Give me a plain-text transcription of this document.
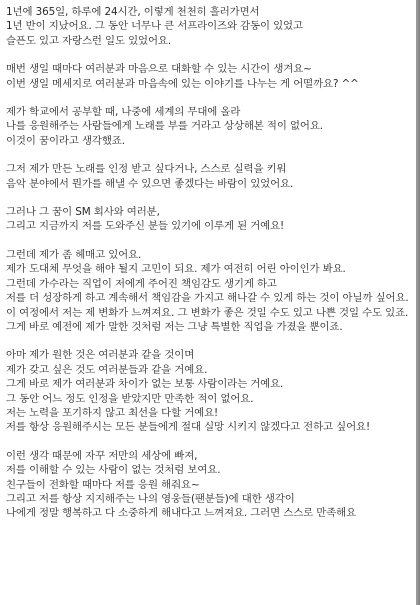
1년에 365일, 하루에 24시간, 이렇게 천천히 흘러가면서
1년 반이 지났어요. 그 동안 너무나 큰 서프라이즈와 감동이 있었고
슬픈도 있고 자랑스런 일도 있었어요.
매번 생일 때마다 여러분과 마음으로 대화할 수 있는 시간이 생겨요~
이번 생일 메세지로 여러분과 마음속에 있는 이야기를 나누는 게 어떨까요? ^^
제가 학교에서 공부할 때, 나중에 세계의 무대에 올라
나를 응원해주는 사람들에게 노래를 부를 거라고 상상해본 적이 없어요.
이것이 꿈이라고 생각했죠.
그저 제가 만든 노래를 인정 받고 싶다거나, 스스로 실력을 키워
음악 분야에서 뭔가를 해낼 수 있으면 좋겠다는 바람이 있었어요.
그러나 그 꿈이 SM 회사와 여러분,
그리고 지금까지 저를 도와주신 분들 있기에 이루게 된 거예요!
그런데 제가 좀 헤매고 있어요.
제가 도대체 무엇을 해야 될지 고민이 되요. 제가 여전히 어린 아이인가 봐요.
그런데 가수라는 직업이 저에게 주어진 책임감도 생기게 하고
저를 더 성장하게 하고 계속해서 책임감을 가지고 해나갈 수 있게 하는 것이 아닐까 싶어요.
이 여정에서 저는 제 변화가 느껴져요. 그 변화가 좋은 것일 수도 있고 나쁜 것일 수도 있죠.
그게 바로 예전에 제가 말한 것처럼 저는 그냥 특별한 직업을 가졌을 뿐이죠.
아마 제가 원한 것은 여러분과 같을 것이며
제가 갖고 싶은 것도 여러분들과 같을 거예요.
그게 바로 제가 여러분과 차이가 없는 보통 사람이라는 거예요.
그 동안 어느 정도 인정을 받았지만 만족한 적이 없어요.
저는 노력을 포기하지 않고 최선을 다할 거예요!
저를 항상 응원해주시는 모든 분들에게 절대 실망 시키지 않겠다고 전하고 싶어요!
이런 생각 때문에 자꾸 저만의 세상에 빠져,
저를 이해할 수 있는 사람이 없는 것처럼 보여요.
친구들이 전화할 때마다 저를 응원 해줘요~
그리고 저를 항상 지지해주는 나의 영웅들(팬분들)에 대한 생각이
나에게 정말 행복하고 다 소중하게 해내다고 느껴져요. 그러면 스스로 만족해요
